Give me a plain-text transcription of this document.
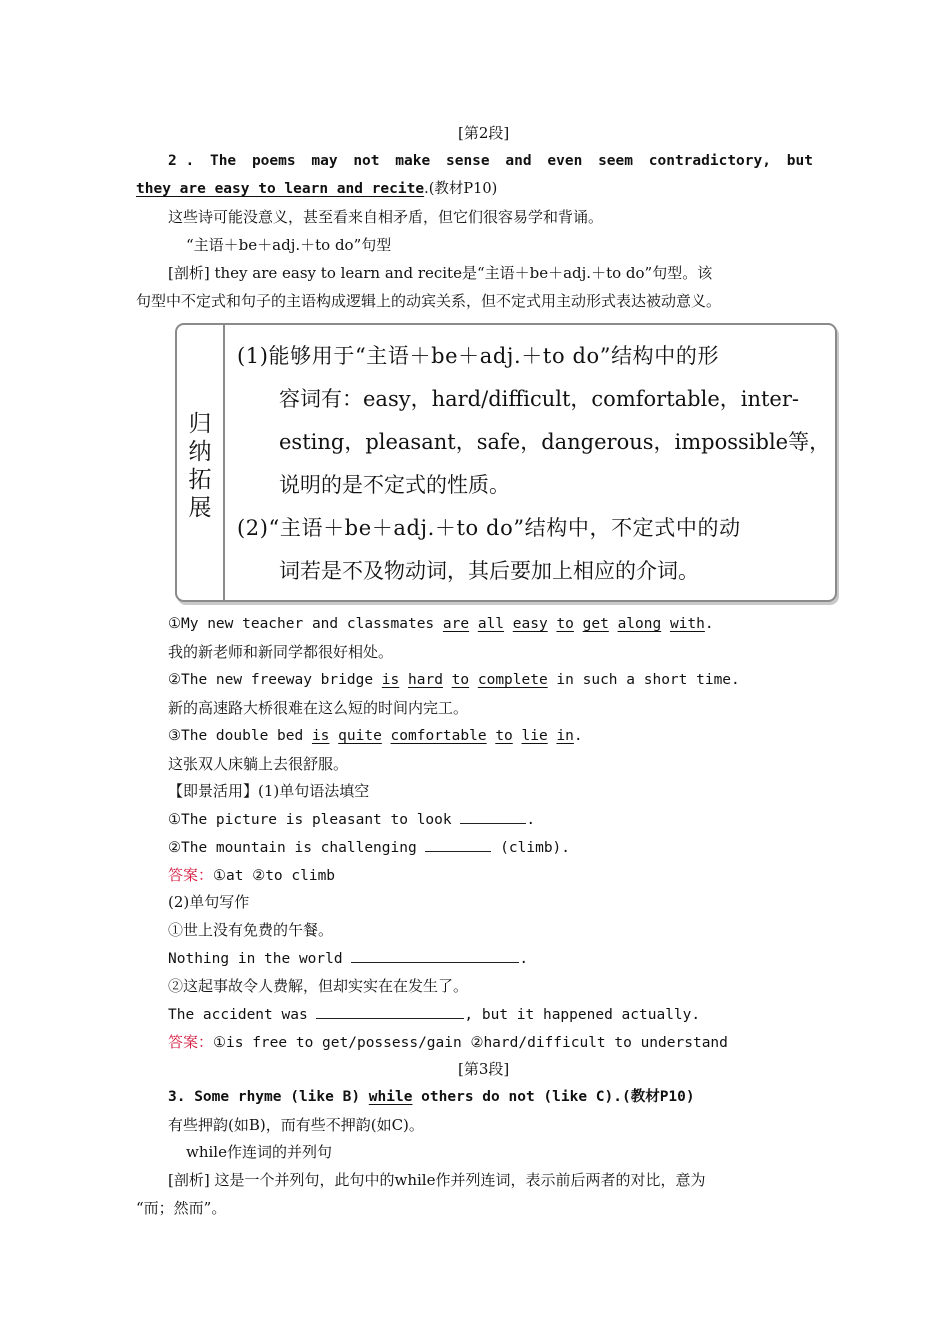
[第2段]
2 . The poems may not make sense and even seem contradictory, but
they are easy to learn and recite.(教材P10)
这些诗可能没意义，甚至看来自相矛盾，但它们很容易学和背诵。
“主语＋be＋adj.＋to do”句型
[剖析] they are easy to learn and recite是“主语＋be＋adj.＋to do”句型。该
句型中不定式和句子的主语构成逻辑上的动宾关系，但不定式用主动形式表达被动意义。
归纳拓展
(1)能够用于“主语＋be＋adj.＋to do”结构中的形
容词有：easy，hard/difficult，comfortable，inter-
esting，pleasant，safe，dangerous，impossible等，
说明的是不定式的性质。
(2)“主语＋be＋adj.＋to do”结构中，不定式中的动
词若是不及物动词，其后要加上相应的介词。
①My new teacher and classmates are all easy to get along with.
我的新老师和新同学都很好相处。
②The new freeway bridge is hard to complete in such a short time.
新的高速路大桥很难在这么短的时间内完工。
③The double bed is quite comfortable to lie in.
这张双人床躺上去很舒服。
【即景活用】(1)单句语法填空
①The picture is pleasant to look	.
②The mountain is challenging	(climb).
答案：①at ②to climb
(2)单句写作
①世上没有免费的午餐。
Nothing in the world	.
②这起事故令人费解，但却实实在在发生了。
The accident was	, but it happened actually.
答案：①is free to get/possess/gain ②hard/difficult to understand
[第3段]
3. Some rhyme (like B) while others do not (like C).(教材P10)
有些押韵(如B)，而有些不押韵(如C)。
while作连词的并列句
[剖析] 这是一个并列句，此句中的while作并列连词，表示前后两者的对比，意为
“而；然而”。
